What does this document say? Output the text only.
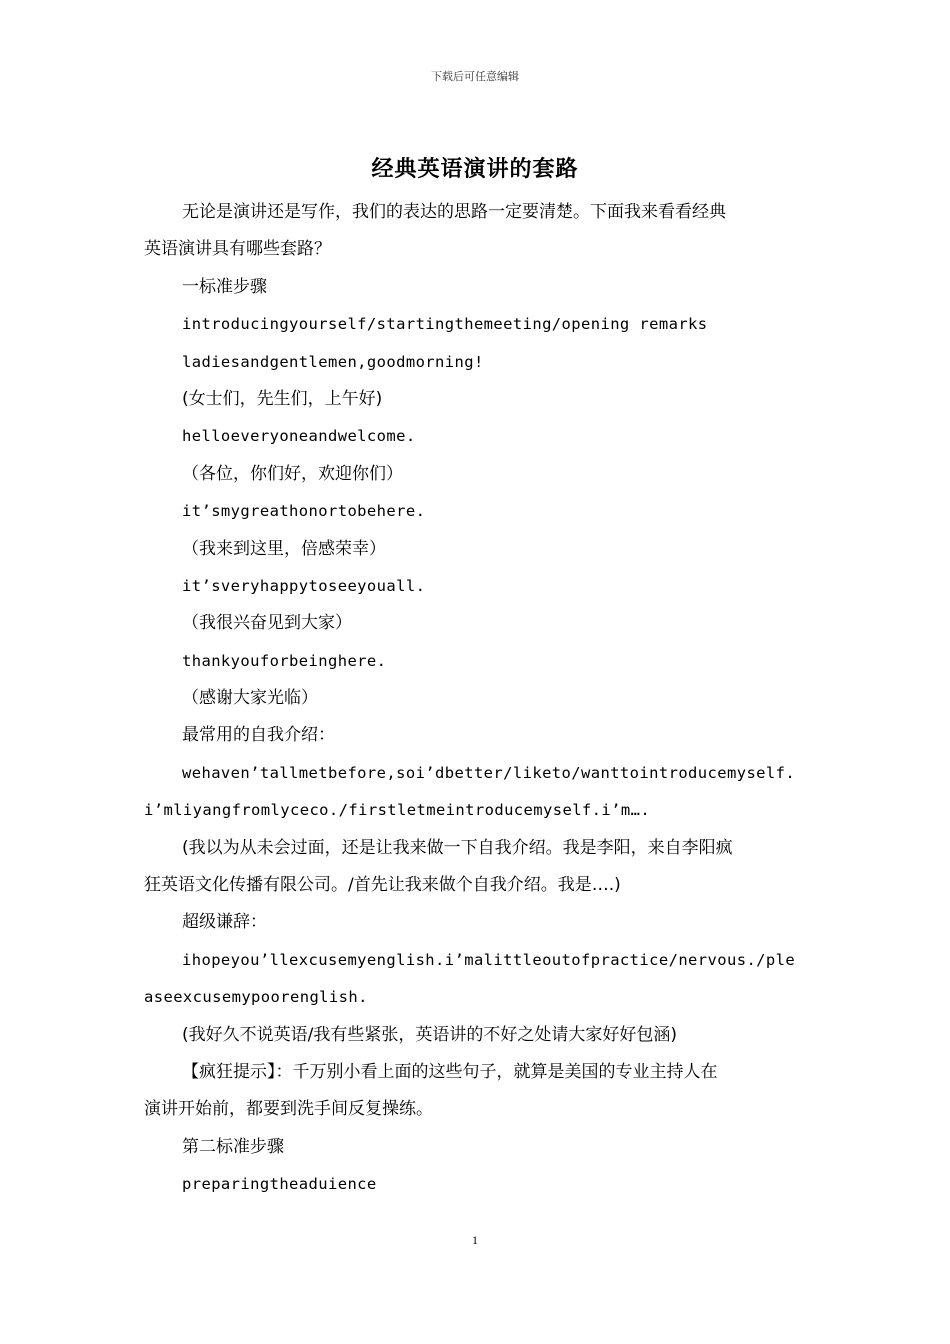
下载后可任意编辑
经典英语演讲的套路

无论是演讲还是写作，我们的表达的思路一定要清楚。下面我来看看经典

英语演讲具有哪些套路？

一标准步骤

introducingyourself/startingthemeeting/opening remarks

ladiesandgentlemen,goodmorning!

(女士们，先生们，上午好)

helloeveryoneandwelcome.

（各位，你们好，欢迎你们）

it’smygreathonortobehere.

（我来到这里，倍感荣幸）

it’sveryhappytoseeyouall.

（我很兴奋见到大家）

thankyouforbeinghere.

（感谢大家光临）

最常用的自我介绍：

wehaven’tallmetbefore,soi’dbetter/liketo/wanttointroducemyself.

i’mliyangfromlyceco./firstletmeintroducemyself.i’m….

(我以为从未会过面，还是让我来做一下自我介绍。我是李阳，来自李阳疯

狂英语文化传播有限公司。/首先让我来做个自我介绍。我是….)

超级谦辞：

ihopeyou’llexcusemyenglish.i’malittleoutofpractice/nervous./ple

aseexcusemypoorenglish.

(我好久不说英语/我有些紧张，英语讲的不好之处请大家好好包涵)

【疯狂提示】：千万别小看上面的这些句子，就算是美国的专业主持人在

演讲开始前，都要到洗手间反复操练。

第二标准步骤

preparingtheaduience

1
